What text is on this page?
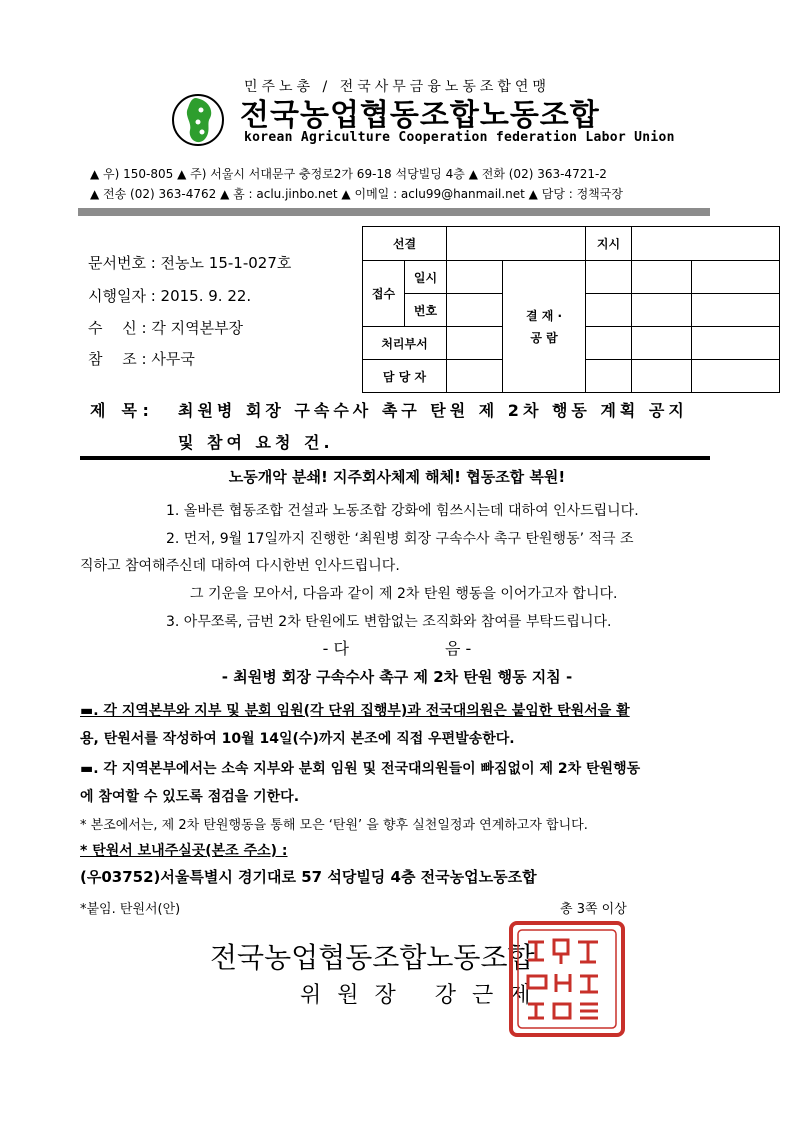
민주노총 / 전국사무금융노동조합연맹
전국농업협동조합노동조합
korean Agriculture Cooperation federation Labor Union
▲ 우) 150-805 ▲ 주) 서울시 서대문구 충정로2가 69-18 석당빌딩 4층 ▲ 전화 (02) 363-4721-2
▲ 전송 (02) 363-4762 ▲ 홈 : aclu.jinbo.net ▲ 이메일 : aclu99@hanmail.net ▲ 담당 : 정책국장
문서번호 : 전농노 15-1-027호
시행일자 : 2015. 9. 22.
수　 신 : 각 지역본부장
참　 조 : 사무국
선결				지시		
접수	일시		결 재 · 공 람			
	번호					
처리부서						
담 당 자						
제　목 : 최원병 회장 구속수사 촉구 탄원 제 2차 행동 계획 공지
및 참여 요청 건.
노동개악 분쇄! 지주회사체제 해체! 협동조합 복원!
1. 올바른 협동조합 건설과 노동조합 강화에 힘쓰시는데 대하여 인사드립니다.
2. 먼저, 9월 17일까지 진행한 ‘최원병 회장 구속수사 촉구 탄원행동’ 적극 조
직하고 참여해주신데 대하여 다시한번 인사드립니다.
그 기운을 모아서, 다음과 같이 제 2차 탄원 행동을 이어가고자 합니다.
3. 아무쪼록, 금번 2차 탄원에도 변함없는 조직화와 참여를 부탁드립니다.
- 다　　　　　　음 -
- 최원병 회장 구속수사 촉구 제 2차 탄원 행동 지침 -
▬. 각 지역본부와 지부 및 분회 임원(각 단위 집행부)과 전국대의원은 붙임한 탄원서을 활
용, 탄원서를 작성하여 10월 14일(수)까지 본조에 직접 우편발송한다.
▬. 각 지역본부에서는 소속 지부와 분회 임원 및 전국대의원들이 빠짐없이 제 2차 탄원행동
에 참여할 수 있도록 점검을 기한다.
* 본조에서는, 제 2차 탄원행동을 통해 모은 ‘탄원’ 을 향후 실천일정과 연계하고자 합니다.
* 탄원서 보내주실곳(본조 주소) :
(우03752)서울특별시 경기대로 57 석당빌딩 4층 전국농업노동조합
*붙임. 탄원서(안)	총 3쪽 이상
전국농업협동조합노동조합
위원장 강근제
